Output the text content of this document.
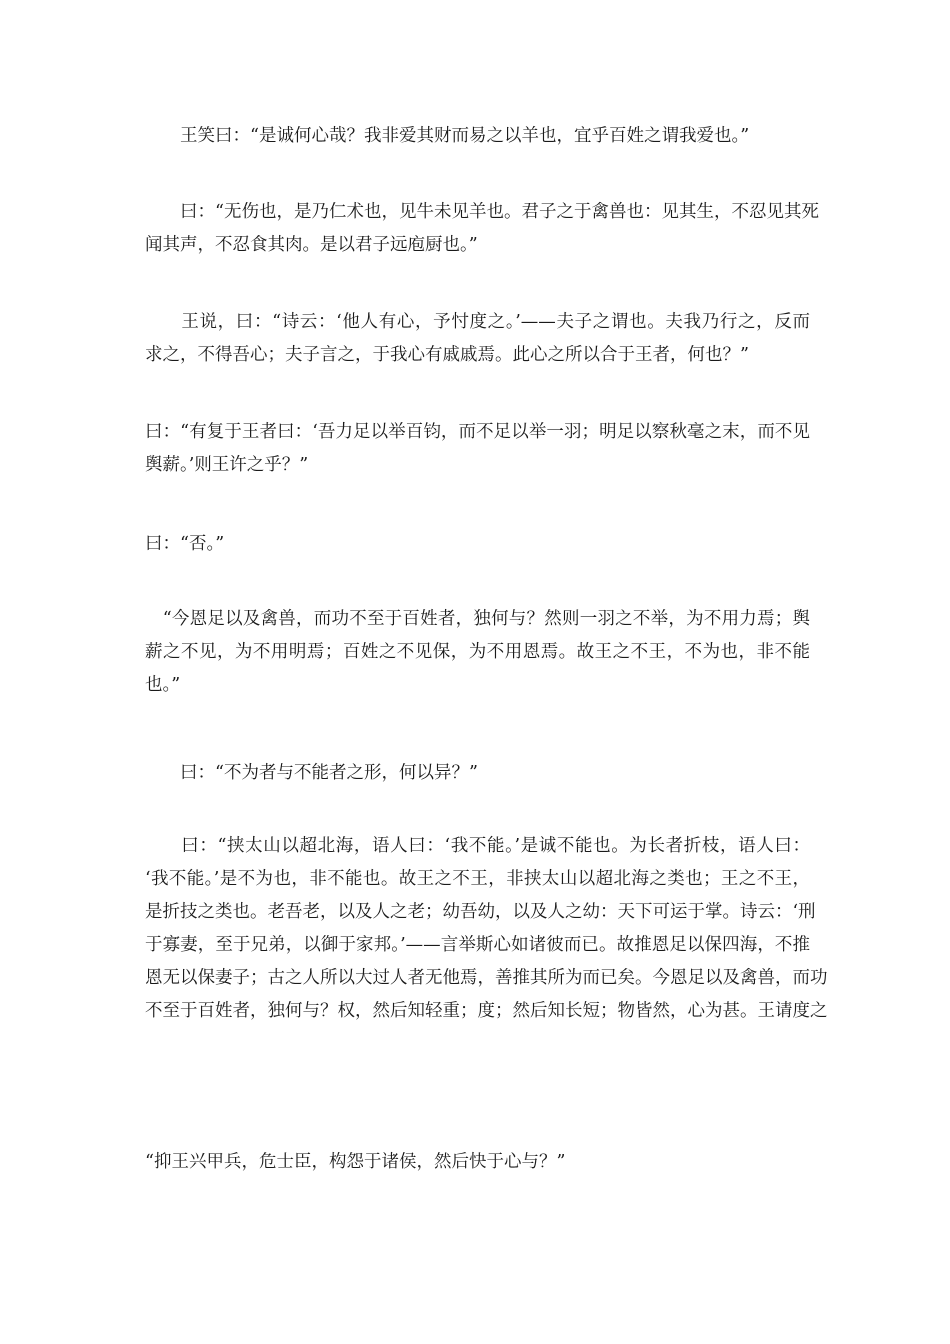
　　王笑曰：“是诚何心哉？我非爱其财而易之以羊也，宜乎百姓之谓我爱也。”
　　曰：“无伤也，是乃仁术也，见牛未见羊也。君子之于禽兽也：见其生，不忍见其死
闻其声，不忍食其肉。是以君子远庖厨也。”
　　王说，曰：“诗云：‘他人有心，予忖度之。’——夫子之谓也。夫我乃行之，反而
求之，不得吾心；夫子言之，于我心有戚戚焉。此心之所以合于王者，何也？”
曰：“有复于王者曰：‘吾力足以举百钧，而不足以举一羽；明足以察秋毫之末，而不见
舆薪。’则王许之乎？”
曰：“否。”
　“今恩足以及禽兽，而功不至于百姓者，独何与？然则一羽之不举，为不用力焉；舆
薪之不见，为不用明焉；百姓之不见保，为不用恩焉。故王之不王，不为也，非不能
也。”
　　曰：“不为者与不能者之形，何以异？”
　　曰：“挟太山以超北海，语人曰：‘我不能。’是诚不能也。为长者折枝，语人曰：
‘我不能。’是不为也，非不能也。故王之不王，非挟太山以超北海之类也；王之不王，
是折技之类也。老吾老，以及人之老；幼吾幼，以及人之幼：天下可运于掌。诗云：‘刑
于寡妻，至于兄弟，以御于家邦。’——言举斯心如诸彼而已。故推恩足以保四海，不推
恩无以保妻子；古之人所以大过人者无他焉，善推其所为而已矣。今恩足以及禽兽，而功
不至于百姓者，独何与？权，然后知轻重；度；然后知长短；物皆然，心为甚。王请度之
“抑王兴甲兵，危士臣，构怨于诸侯，然后快于心与？”
